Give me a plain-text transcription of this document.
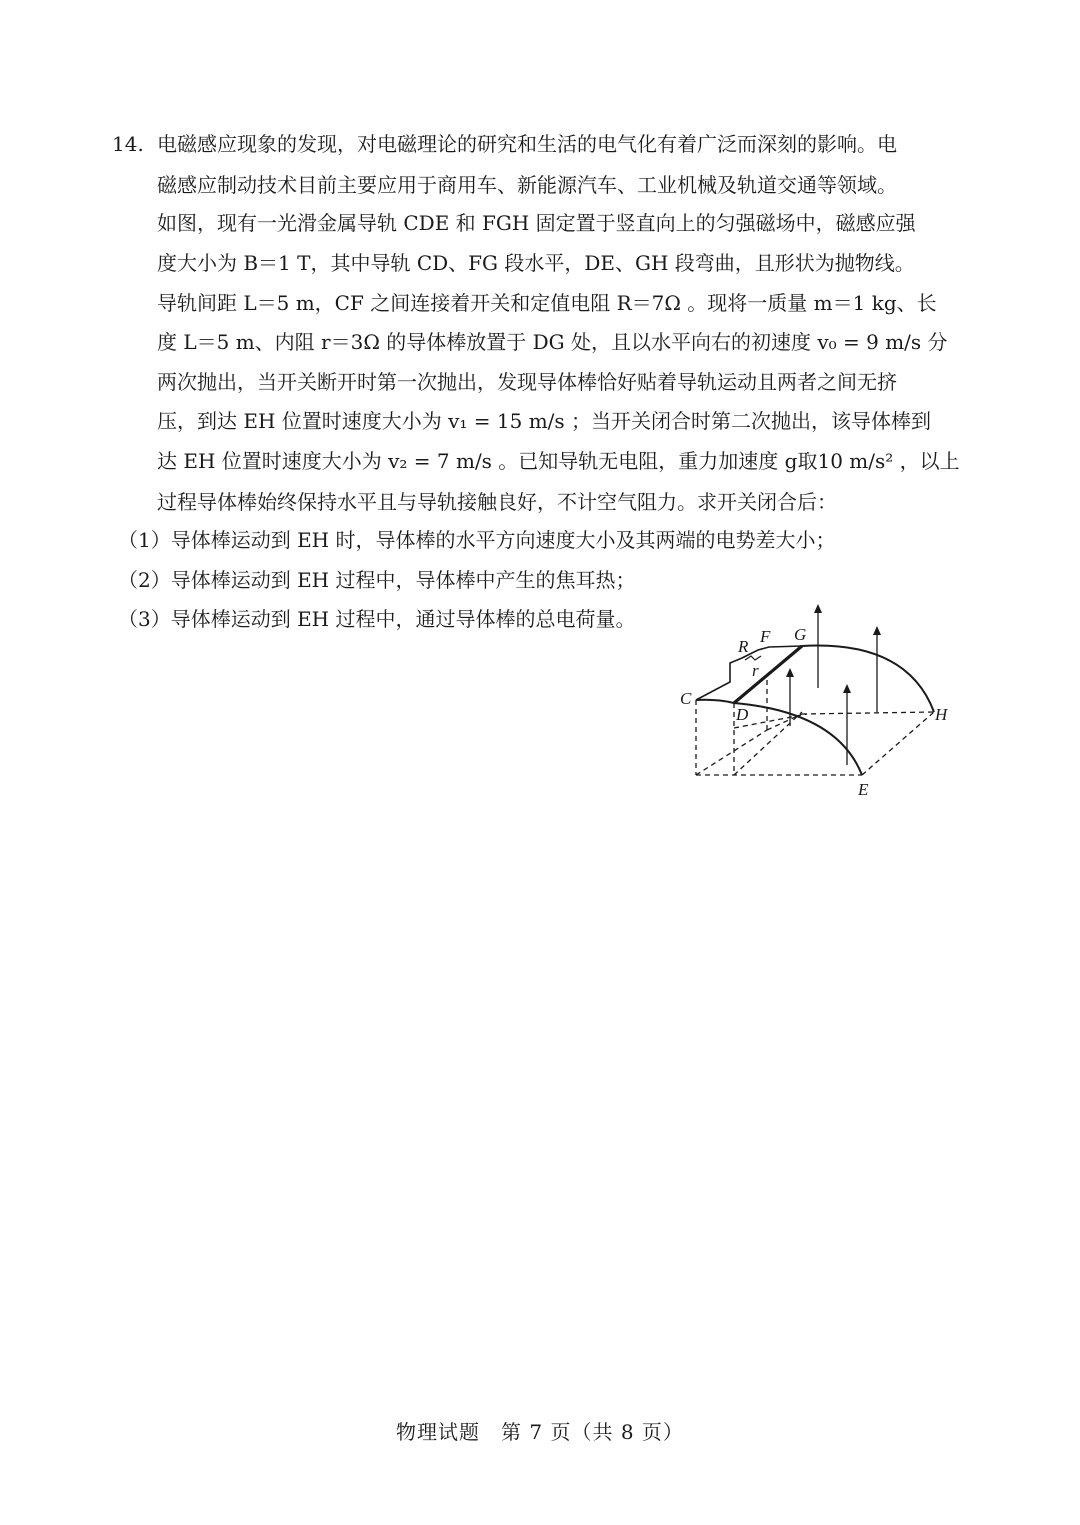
14. 电磁感应现象的发现，对电磁理论的研究和生活的电气化有着广泛而深刻的影响。电
磁感应制动技术目前主要应用于商用车、新能源汽车、工业机械及轨道交通等领域。
如图，现有一光滑金属导轨 CDE 和 FGH 固定置于竖直向上的匀强磁场中，磁感应强
度大小为 B＝1 T，其中导轨 CD、FG 段水平，DE、GH 段弯曲，且形状为抛物线。
导轨间距 L＝5 m，CF 之间连接着开关和定值电阻 R＝7Ω 。现将一质量 m＝1 kg、长
度 L＝5 m、内阻 r＝3Ω 的导体棒放置于 DG 处，且以水平向右的初速度 v₀ = 9 m/s 分
两次抛出，当开关断开时第一次抛出，发现导体棒恰好贴着导轨运动且两者之间无挤
压，到达 EH 位置时速度大小为 v₁ = 15 m/s ；当开关闭合时第二次抛出，该导体棒到
达 EH 位置时速度大小为 v₂ = 7 m/s 。已知导轨无电阻，重力加速度 g取10 m/s² ，以上
过程导体棒始终保持水平且与导轨接触良好，不计空气阻力。求开关闭合后：
（1）导体棒运动到 EH 时，导体棒的水平方向速度大小及其两端的电势差大小；
（2）导体棒运动到 EH 过程中，导体棒中产生的焦耳热；
（3）导体棒运动到 EH 过程中，通过导体棒的总电荷量。
C
D
E
F G
H
R
r
物理试题　第 7 页（共 8 页）
